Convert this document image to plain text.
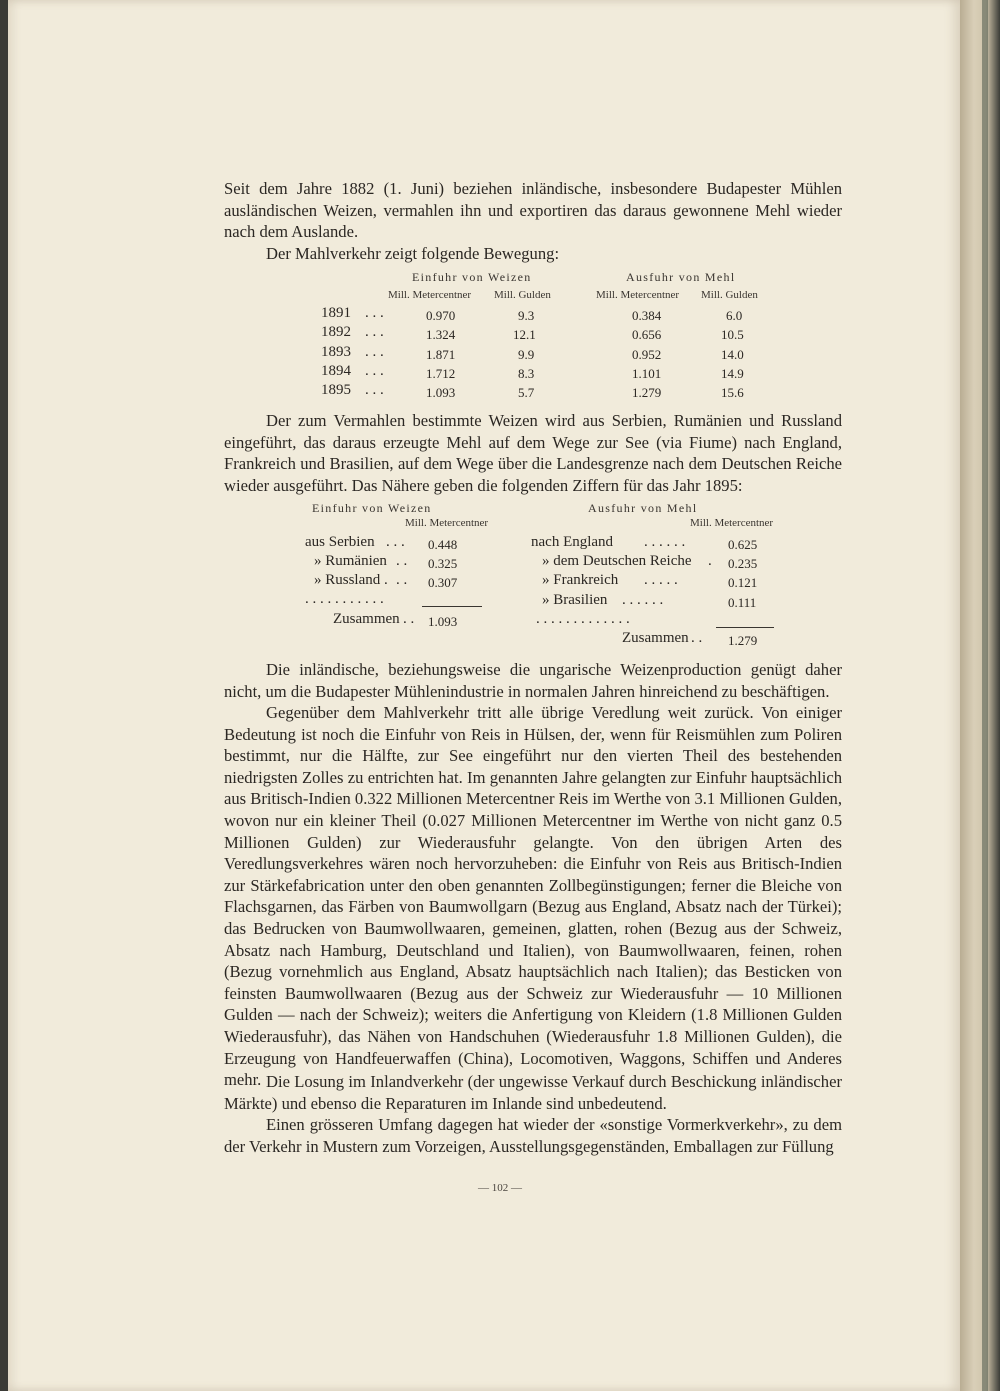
Seit dem Jahre 1882 (1. Juni) beziehen inländische, insbesondere Budapester Mühlen ausländischen Weizen, vermahlen ihn und exportiren das daraus gewonnene Mehl wieder nach dem Auslande.

Der Mahlverkehr zeigt folgende Bewegung:

Einfuhr von Weizen	Ausfuhr von Mehl
Mill. Metercentner Mill. Gulden	Mill. Metercentner Mill. Gulden
1891 . . .	0.970	9.3	0.384	6.0
1892 . . .	1.324	12.1	0.656	10.5
1893 . . .	1.871	9.9	0.952	14.0
1894 . . .	1.712	8.3	1.101	14.9
1895 . . .	1.093	5.7	1.279	15.6

Der zum Vermahlen bestimmte Weizen wird aus Serbien, Rumänien und Russland eingeführt, das daraus erzeugte Mehl auf dem Wege zur See (via Fiume) nach England, Frankreich und Brasilien, auf dem Wege über die Landesgrenze nach dem Deutschen Reiche wieder ausgeführt. Das Nähere geben die folgenden Ziffern für das Jahr 1895:

Einfuhr von Weizen
Mill. Metercentner
Ausfuhr von Mehl
Mill. Metercentner
aus Serbien . . . 0.448
» Rumänien . . 0.325
» Russland . . . 0.307
. . . . . . . . . . .
Zusammen . . 1.093
nach England . . . . . .	0.625
» dem Deutschen Reiche . 0.235
» Frankreich . . . . .	0.121
» Brasilien . . . . . .	0.111
. . . . . . . . . . . . .
Zusammen . . 1.279

Die inländische, beziehungsweise die ungarische Weizenproduction genügt daher nicht, um die Budapester Mühlenindustrie in normalen Jahren hinreichend zu beschäftigen.

Gegenüber dem Mahlverkehr tritt alle übrige Veredlung weit zurück. Von einiger Bedeutung ist noch die Einfuhr von Reis in Hülsen, der, wenn für Reismühlen zum Poliren bestimmt, nur die Hälfte, zur See eingeführt nur den vierten Theil des bestehenden niedrigsten Zolles zu entrichten hat. Im genannten Jahre gelangten zur Einfuhr hauptsächlich aus Britisch-Indien 0.322 Millionen Metercentner Reis im Werthe von 3.1 Millionen Gulden, wovon nur ein kleiner Theil (0.027 Millionen Metercentner im Werthe von nicht ganz 0.5 Millionen Gulden) zur Wiederausfuhr gelangte. Von den übrigen Arten des Veredlungsverkehres wären noch hervorzuheben: die Einfuhr von Reis aus Britisch-Indien zur Stärkefabrication unter den oben genannten Zollbegünstigungen; ferner die Bleiche von Flachsgarnen, das Färben von Baumwollgarn (Bezug aus England, Absatz nach der Türkei); das Bedrucken von Baumwollwaaren, gemeinen, glatten, rohen (Bezug aus der Schweiz, Absatz nach Hamburg, Deutschland und Italien), von Baumwollwaaren, feinen, rohen (Bezug vornehmlich aus England, Absatz hauptsächlich nach Italien); das Besticken von feinsten Baumwollwaaren (Bezug aus der Schweiz zur Wiederausfuhr — 10 Millionen Gulden — nach der Schweiz); weiters die Anfertigung von Kleidern (1.8 Millionen Gulden Wiederausfuhr), das Nähen von Handschuhen (Wiederausfuhr 1.8 Millionen Gulden), die Erzeugung von Handfeuerwaffen (China), Locomotiven, Waggons, Schiffen und Anderes mehr. Die Losung im Inlandverkehr (der ungewisse Verkauf durch Beschickung inländischer Märkte) und ebenso die Reparaturen im Inlande sind unbedeutend.

Einen grösseren Umfang dagegen hat wieder der «sonstige Vormerkverkehr», zu dem der Verkehr in Mustern zum Vorzeigen, Ausstellungsgegenständen, Emballagen zur Füllung

— 102 —
